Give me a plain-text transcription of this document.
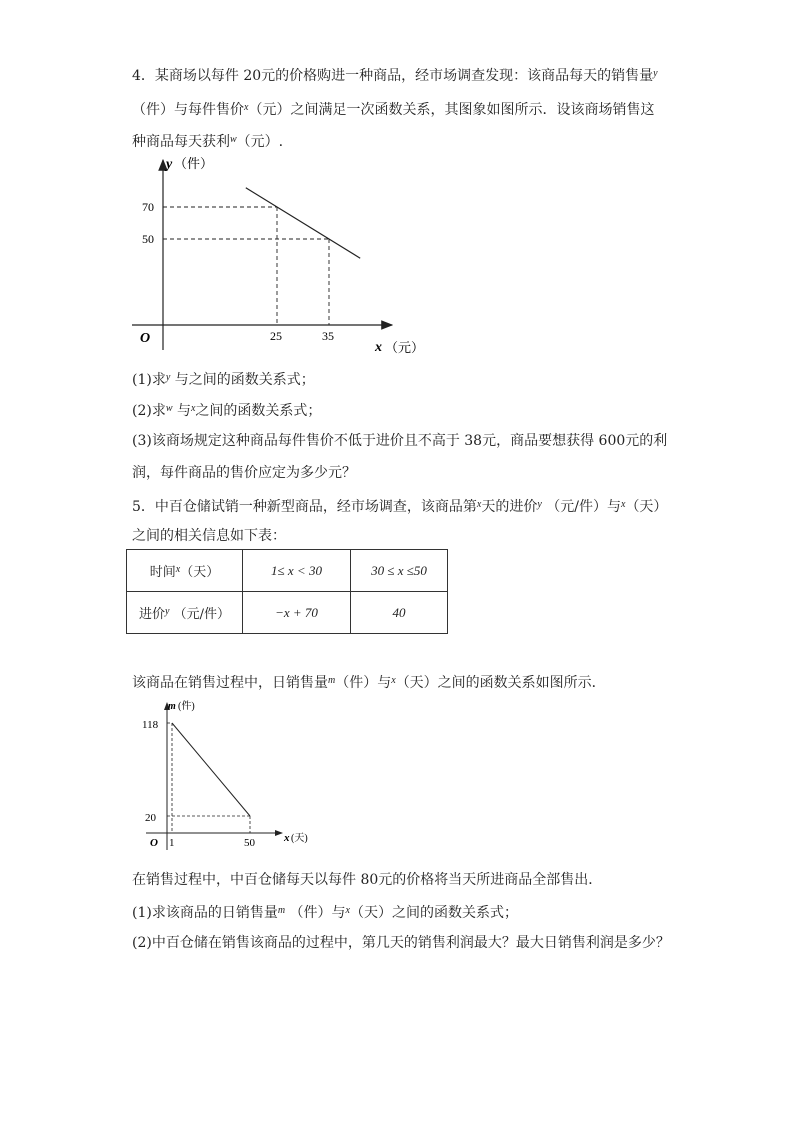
4．某商场以每件 20元的价格购进一种商品，经市场调查发现：该商品每天的销售量$^y$
（件）与每件售价$^x$（元）之间满足一次函数关系，其图象如图所示．设该商场销售这
种商品每天获利$^w$（元）.
y （件）
O
x （元）
70
50
25	35
(1)求$^y$ 与之间的函数关系式；
(2)求$^w$ 与$^x$之间的函数关系式；
(3)该商场规定这种商品每件售价不低于进价且不高于 38元，商品要想获得 600元的利
润，每件商品的售价应定为多少元？
5．中百仓储试销一种新型商品，经市场调查，该商品第$^x$天的进价$^y$ （元/件）与$^x$（天）
之间的相关信息如下表：
时间$^x$（天）	1≤ x < 30	30 ≤ x ≤50
进价$^y$ （元/件）	−x + 70	40
该商品在销售过程中，日销售量$^m$（件）与$^x$（天）之间的函数关系如图所示．
m (件)
O	x (天)
118
20
1	50
在销售过程中，中百仓储每天以每件 80元的价格将当天所进商品全部售出．
(1)求该商品的日销售量$^m$ （件）与$^x$（天）之间的函数关系式；
(2)中百仓储在销售该商品的过程中，第几天的销售利润最大？最大日销售利润是多少？
